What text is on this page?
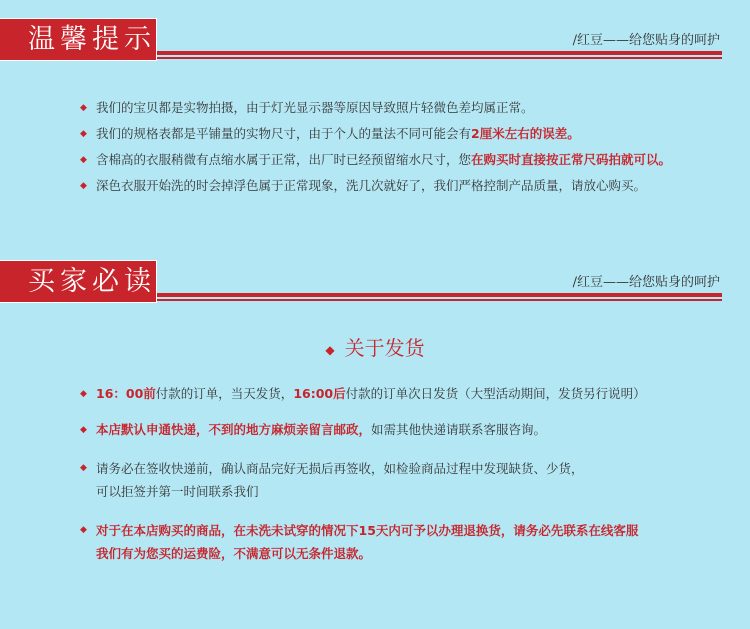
温馨提示	/红豆——给您贴身的呵护
◆ 我们的宝贝都是实物拍摄，由于灯光显示器等原因导致照片轻微色差均属正常。
◆ 我们的规格表都是平铺量的实物尺寸，由于个人的量法不同可能会有2厘米左右的误差。
◆ 含棉高的衣服稍微有点缩水属于正常，出厂时已经预留缩水尺寸，您在购买时直接按正常尺码拍就可以。
◆ 深色衣服开始洗的时会掉浮色属于正常现象，洗几次就好了，我们严格控制产品质量，请放心购买。
买家必读	/红豆——给您贴身的呵护
◆ 关于发货
◆ 16：00前付款的订单，当天发货，16:00后付款的订单次日发货（大型活动期间，发货另行说明）
◆ 本店默认申通快递，不到的地方麻烦亲留言邮政，如需其他快递请联系客服咨询。
◆ 请务必在签收快递前，确认商品完好无损后再签收，如检验商品过程中发现缺货、少货，
可以拒签并第一时间联系我们
◆ 对于在本店购买的商品，在未洗未试穿的情况下15天内可予以办理退换货，请务必先联系在线客服
我们有为您买的运费险，不满意可以无条件退款。
